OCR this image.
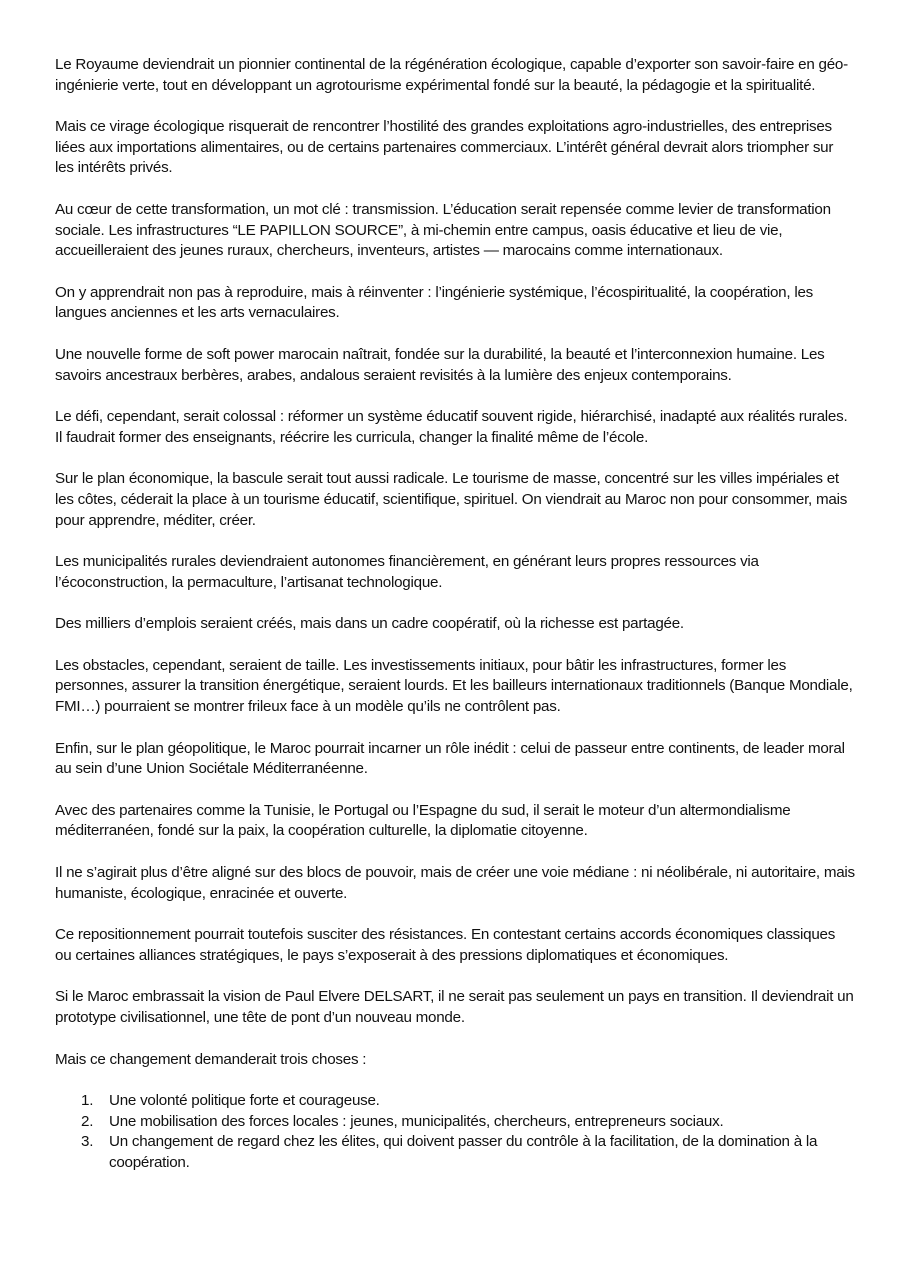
Le Royaume deviendrait un pionnier continental de la régénération écologique, capable d’exporter son savoir-faire en géo-ingénierie verte, tout en développant un agrotourisme expérimental fondé sur la beauté, la pédagogie et la spiritualité.

Mais ce virage écologique risquerait de rencontrer l’hostilité des grandes exploitations agro-industrielles, des entreprises liées aux importations alimentaires, ou de certains partenaires commerciaux. L’intérêt général devrait alors triompher sur les intérêts privés.

Au cœur de cette transformation, un mot clé : transmission. L’éducation serait repensée comme levier de transformation sociale. Les infrastructures “LE PAPILLON SOURCE”, à mi-chemin entre campus, oasis éducative et lieu de vie, accueilleraient des jeunes ruraux, chercheurs, inventeurs, artistes — marocains comme internationaux.

On y apprendrait non pas à reproduire, mais à réinventer : l’ingénierie systémique, l’écospiritualité, la coopération, les langues anciennes et les arts vernaculaires.

Une nouvelle forme de soft power marocain naîtrait, fondée sur la durabilité, la beauté et l’interconnexion humaine. Les savoirs ancestraux berbères, arabes, andalous seraient revisités à la lumière des enjeux contemporains.

Le défi, cependant, serait colossal : réformer un système éducatif souvent rigide, hiérarchisé, inadapté aux réalités rurales. Il faudrait former des enseignants, réécrire les curricula, changer la finalité même de l’école.

Sur le plan économique, la bascule serait tout aussi radicale. Le tourisme de masse, concentré sur les villes impériales et les côtes, céderait la place à un tourisme éducatif, scientifique, spirituel. On viendrait au Maroc non pour consommer, mais pour apprendre, méditer, créer.

Les municipalités rurales deviendraient autonomes financièrement, en générant leurs propres ressources via l’écoconstruction, la permaculture, l’artisanat technologique.

Des milliers d’emplois seraient créés, mais dans un cadre coopératif, où la richesse est partagée.

Les obstacles, cependant, seraient de taille. Les investissements initiaux, pour bâtir les infrastructures, former les personnes, assurer la transition énergétique, seraient lourds. Et les bailleurs internationaux traditionnels (Banque Mondiale, FMI…) pourraient se montrer frileux face à un modèle qu’ils ne contrôlent pas.

Enfin, sur le plan géopolitique, le Maroc pourrait incarner un rôle inédit : celui de passeur entre continents, de leader moral au sein d’une Union Sociétale Méditerranéenne.

Avec des partenaires comme la Tunisie, le Portugal ou l’Espagne du sud, il serait le moteur d’un altermondialisme méditerranéen, fondé sur la paix, la coopération culturelle, la diplomatie citoyenne.

Il ne s’agirait plus d’être aligné sur des blocs de pouvoir, mais de créer une voie médiane : ni néolibérale, ni autoritaire, mais humaniste, écologique, enracinée et ouverte.

Ce repositionnement pourrait toutefois susciter des résistances. En contestant certains accords économiques classiques ou certaines alliances stratégiques, le pays s’exposerait à des pressions diplomatiques et économiques.

Si le Maroc embrassait la vision de Paul Elvere DELSART, il ne serait pas seulement un pays en transition. Il deviendrait un prototype civilisationnel, une tête de pont d’un nouveau monde.

Mais ce changement demanderait trois choses :

1. Une volonté politique forte et courageuse.
2. Une mobilisation des forces locales : jeunes, municipalités, chercheurs, entrepreneurs sociaux.
3. Un changement de regard chez les élites, qui doivent passer du contrôle à la facilitation, de la domination à la coopération.
